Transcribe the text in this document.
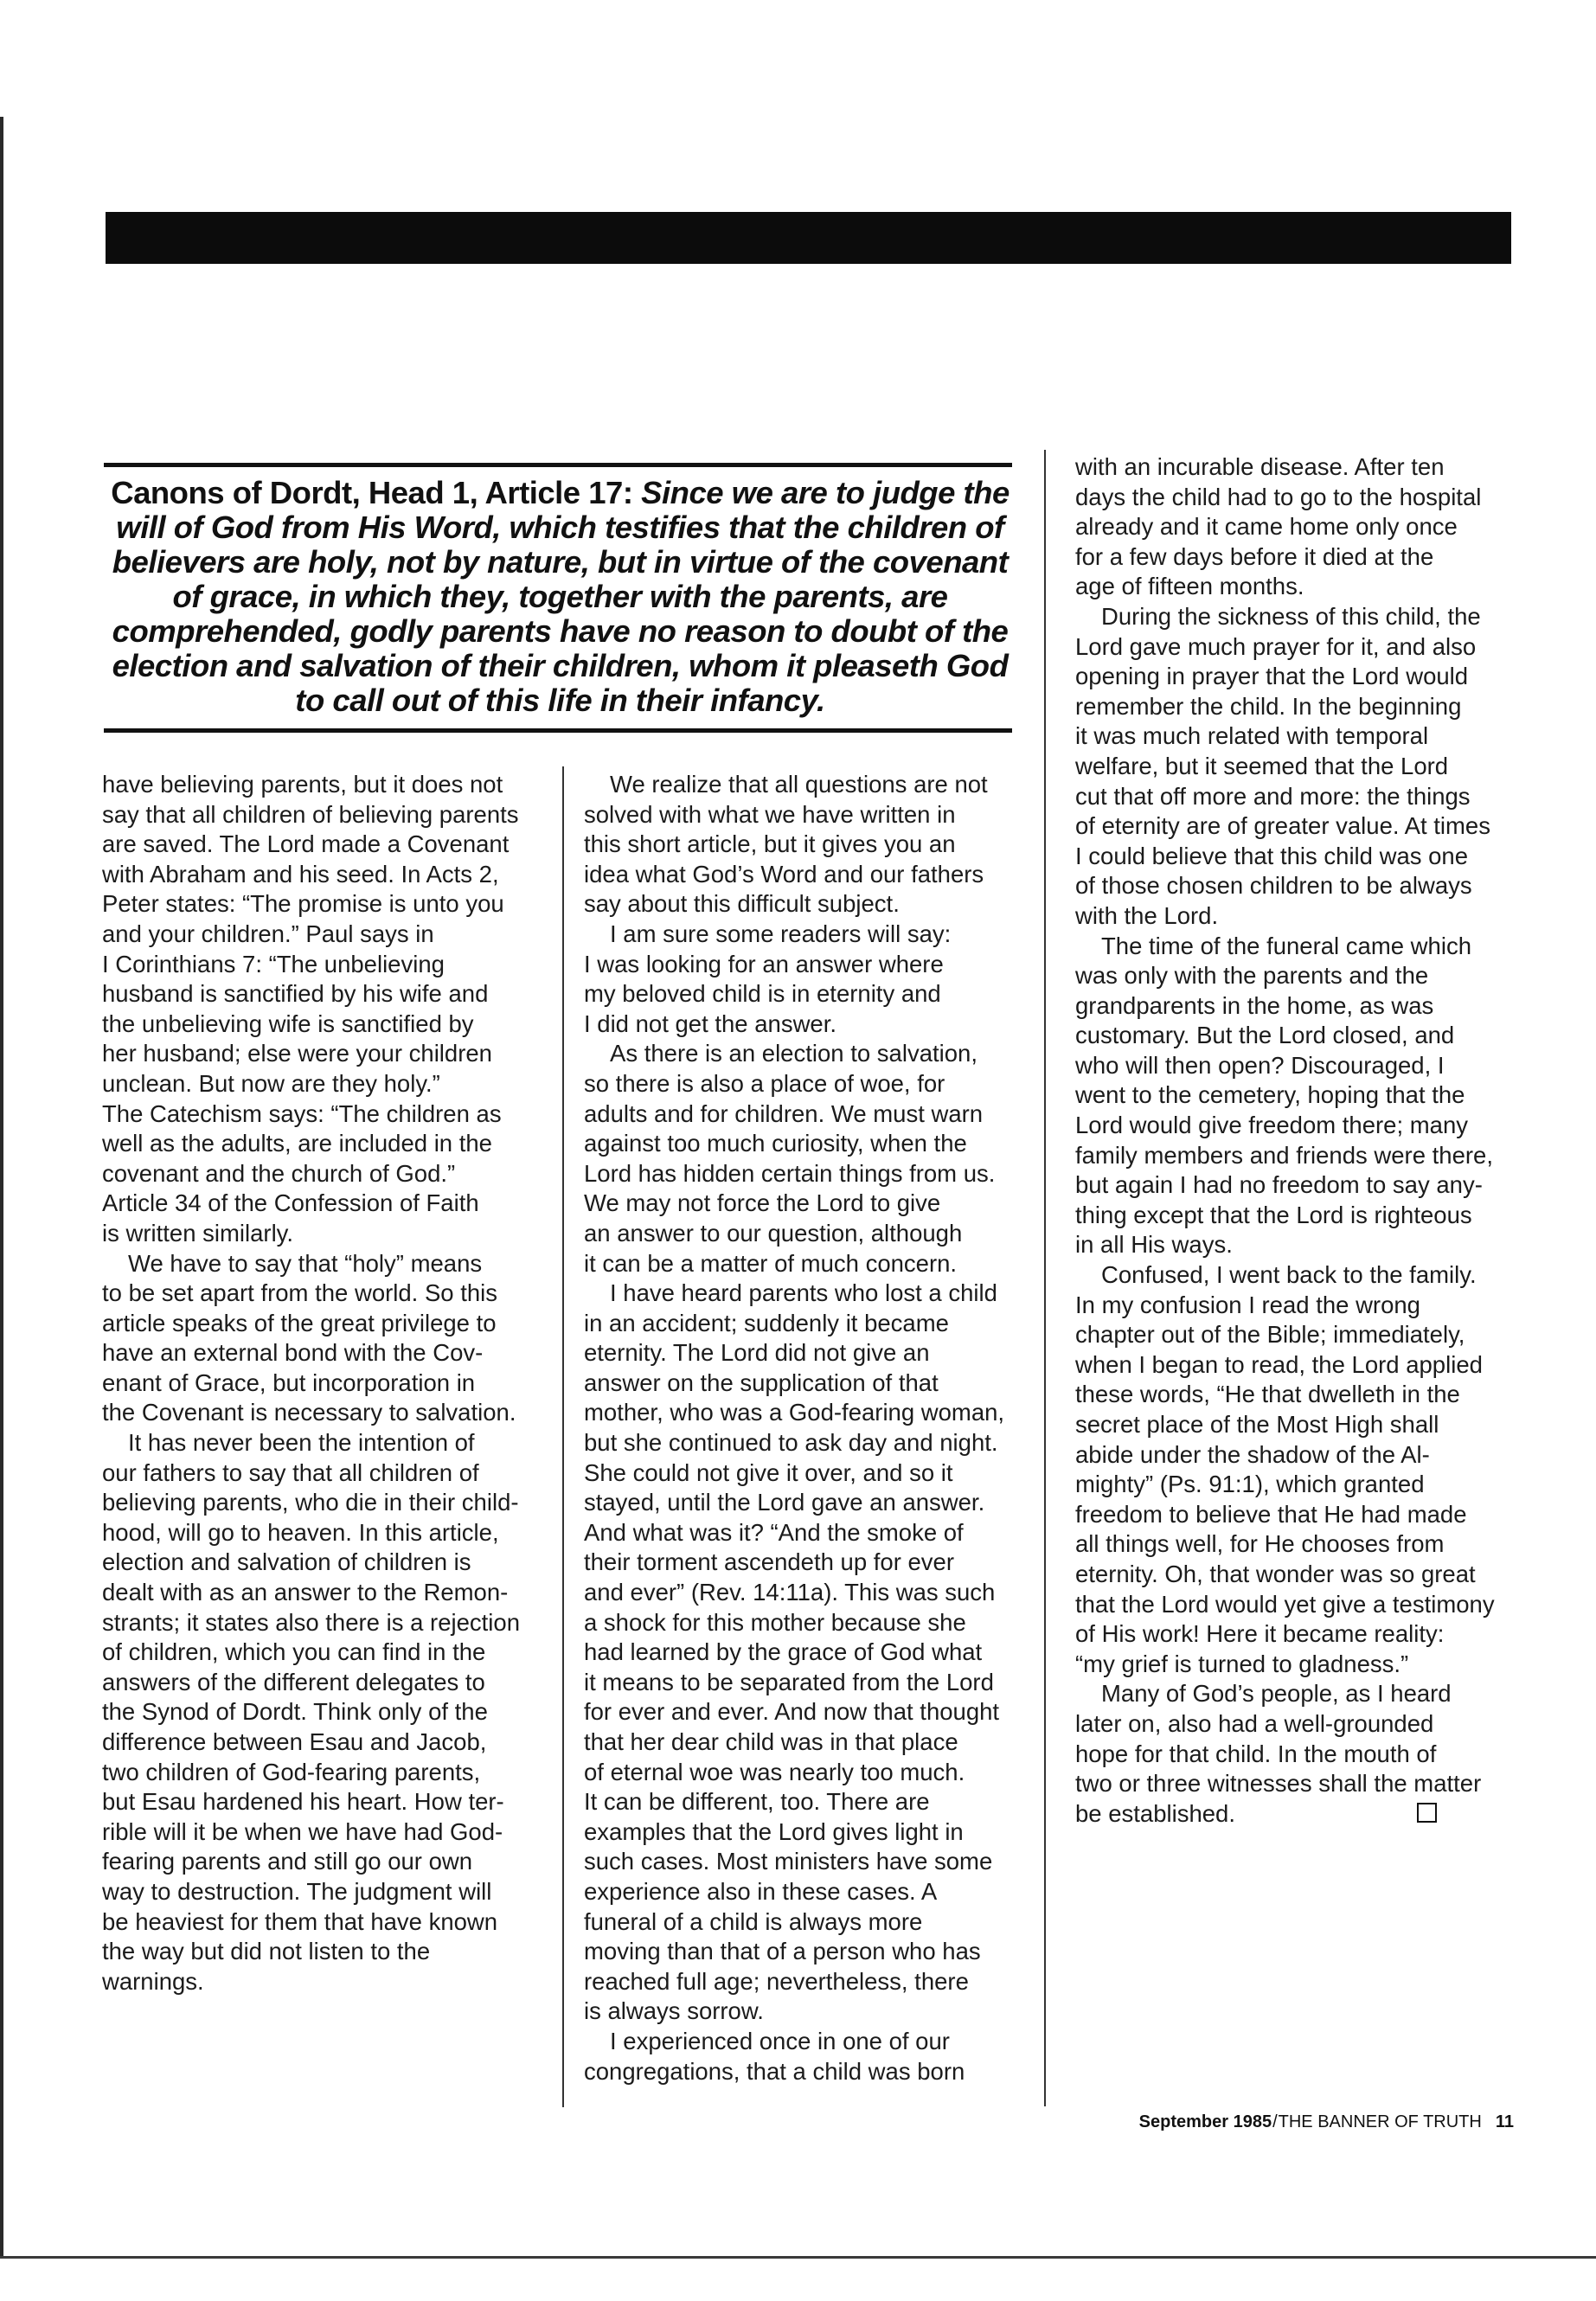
Canons of Dordt, Head 1, Article 17: Since we are to judge the will of God from His Word, which testifies that the children of believers are holy, not by nature, but in virtue of the covenant of grace, in which they, together with the parents, are comprehended, godly parents have no reason to doubt of the election and salvation of their children, whom it pleaseth God to call out of this life in their infancy.

have believing parents, but it does not

say that all children of believing parents

are saved. The Lord made a Covenant

with Abraham and his seed. In Acts 2,

Peter states: “The promise is unto you

and your children.” Paul says in

I Corinthians 7: “The unbelieving

husband is sanctified by his wife and

the unbelieving wife is sanctified by

her husband; else were your children

unclean. But now are they holy.”

The Catechism says: “The children as

well as the adults, are included in the

covenant and the church of God.”

Article 34 of the Confession of Faith

is written similarly.

We have to say that “holy” means

to be set apart from the world. So this

article speaks of the great privilege to

have an external bond with the Cov-

enant of Grace, but incorporation in

the Covenant is necessary to salvation.

It has never been the intention of

our fathers to say that all children of

believing parents, who die in their child-

hood, will go to heaven. In this article,

election and salvation of children is

dealt with as an answer to the Remon-

strants; it states also there is a rejection

of children, which you can find in the

answers of the different delegates to

the Synod of Dordt. Think only of the

difference between Esau and Jacob,

two children of God-fearing parents,

but Esau hardened his heart. How ter-

rible will it be when we have had God-

fearing parents and still go our own

way to destruction. The judgment will

be heaviest for them that have known

the way but did not listen to the

warnings.

We realize that all questions are not

solved with what we have written in

this short article, but it gives you an

idea what God’s Word and our fathers

say about this difficult subject.

I am sure some readers will say:

I was looking for an answer where

my beloved child is in eternity and

I did not get the answer.

As there is an election to salvation,

so there is also a place of woe, for

adults and for children. We must warn

against too much curiosity, when the

Lord has hidden certain things from us.

We may not force the Lord to give

an answer to our question, although

it can be a matter of much concern.

I have heard parents who lost a child

in an accident; suddenly it became

eternity. The Lord did not give an

answer on the supplication of that

mother, who was a God-fearing woman,

but she continued to ask day and night.

She could not give it over, and so it

stayed, until the Lord gave an answer.

And what was it? “And the smoke of

their torment ascendeth up for ever

and ever” (Rev. 14:11a). This was such

a shock for this mother because she

had learned by the grace of God what

it means to be separated from the Lord

for ever and ever. And now that thought

that her dear child was in that place

of eternal woe was nearly too much.

It can be different, too. There are

examples that the Lord gives light in

such cases. Most ministers have some

experience also in these cases. A

funeral of a child is always more

moving than that of a person who has

reached full age; nevertheless, there

is always sorrow.

I experienced once in one of our

congregations, that a child was born

with an incurable disease. After ten

days the child had to go to the hospital

already and it came home only once

for a few days before it died at the

age of fifteen months.

During the sickness of this child, the

Lord gave much prayer for it, and also

opening in prayer that the Lord would

remember the child. In the beginning

it was much related with temporal

welfare, but it seemed that the Lord

cut that off more and more: the things

of eternity are of greater value. At times

I could believe that this child was one

of those chosen children to be always

with the Lord.

The time of the funeral came which

was only with the parents and the

grandparents in the home, as was

customary. But the Lord closed, and

who will then open? Discouraged, I

went to the cemetery, hoping that the

Lord would give freedom there; many

family members and friends were there,

but again I had no freedom to say any-

thing except that the Lord is righteous

in all His ways.

Confused, I went back to the family.

In my confusion I read the wrong

chapter out of the Bible; immediately,

when I began to read, the Lord applied

these words, “He that dwelleth in the

secret place of the Most High shall

abide under the shadow of the Al-

mighty” (Ps. 91:1), which granted

freedom to believe that He had made

all things well, for He chooses from

eternity. Oh, that wonder was so great

that the Lord would yet give a testimony

of His work! Here it became reality:

“my grief is turned to gladness.”

Many of God’s people, as I heard

later on, also had a well-grounded

hope for that child. In the mouth of

two or three witnesses shall the matter

be established.

September 1985/THE BANNER OF TRUTH 11
